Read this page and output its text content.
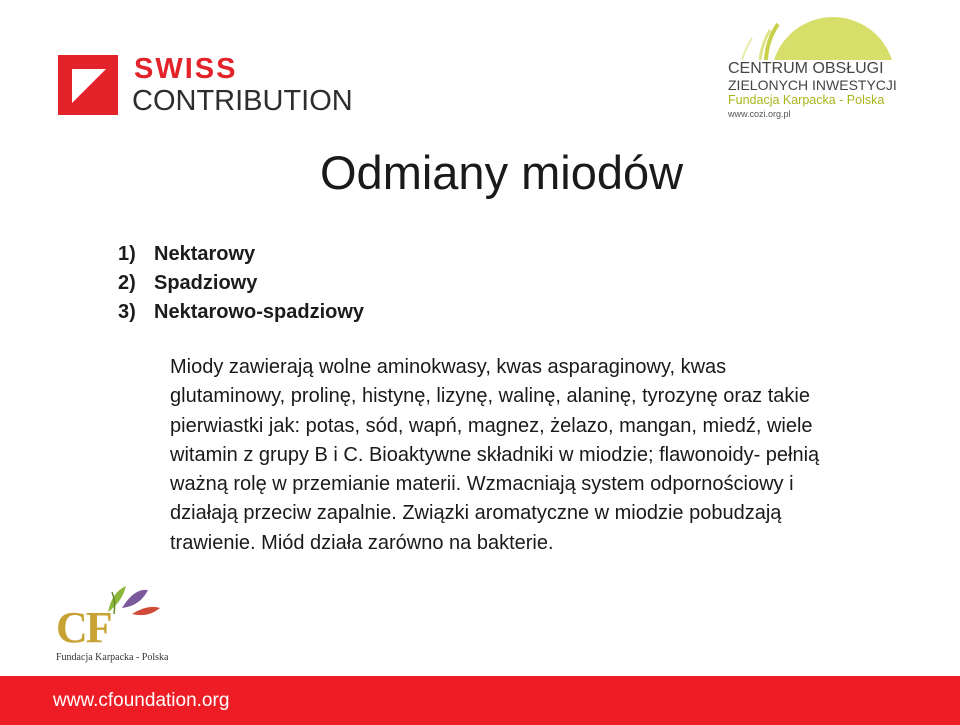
SWISS
CONTRIBUTION
CENTRUM OBSŁUGI
ZIELONYCH INWESTYCJI
Fundacja Karpacka - Polska
www.cozi.org.pl
Odmiany miodów
1) Nektarowy
2) Spadziowy
3) Nektarowo-spadziowy

Miody zawierają wolne aminokwasy, kwas asparaginowy, kwas glutaminowy, prolinę, histynę, lizynę, walinę, alaninę, tyrozynę oraz takie pierwiastki jak: potas, sód, wapń, magnez, żelazo, mangan, miedź, wiele witamin z grupy B i C. Bioaktywne składniki w miodzie; flawonoidy- pełnią ważną rolę w przemianie materii. Wzmacniają system odpornościowy i działają przeciw zapalnie. Związki aromatyczne w miodzie pobudzają trawienie. Miód działa zarówno na bakterie.

CF
Fundacja Karpacka - Polska
www.cfoundation.org
